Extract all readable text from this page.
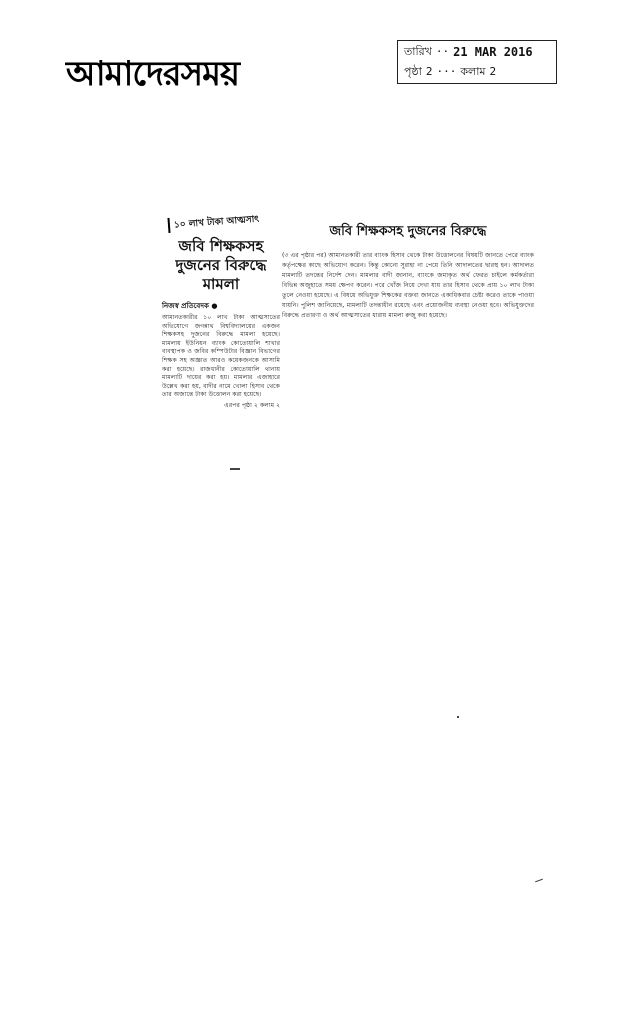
আমাদেরসময়
তারিখ ·· 21 MAR 2016
পৃষ্ঠা 2 ··· কলাম 2
১০ লাখ টাকা আত্মসাৎ
জবি শিক্ষকসহ দুজনের বিরুদ্ধে মামলা
নিজস্ব প্রতিবেদক ●
আমানতকারীর ১০ লাখ টাকা আত্মসাতের অভিযোগে জগন্নাথ বিশ্ববিদ্যালয়ের একজন শিক্ষকসহ দুজনের বিরুদ্ধে মামলা হয়েছে। মামলায় ইউনিয়ন ব্যাংক কোতোয়ালি শাখার ব্যবস্থাপক ও জবির কম্পিউটার বিজ্ঞান বিভাগের শিক্ষক সহ অজ্ঞাত আরও কয়েকজনকে আসামি করা হয়েছে। রাজধানীর কোতোয়ালি থানায় মামলাটি দায়ের করা হয়। মামলার এজাহারে উল্লেখ করা হয়, বাদীর নামে খোলা হিসাব থেকে তার অজান্তে টাকা উত্তোলন করা হয়েছে।
এরপর পৃষ্ঠা ২ কলাম ২
জবি শিক্ষকসহ দুজনের বিরুদ্ধে
(৩ এর পৃষ্ঠার পর) আমানতকারী তার ব্যাংক হিসাব থেকে টাকা উত্তোলনের বিষয়টি জানতে পেরে ব্যাংক কর্তৃপক্ষের কাছে অভিযোগ করেন। কিন্তু কোনো সুরাহা না পেয়ে তিনি আদালতের দ্বারস্থ হন। আদালত মামলাটি তদন্তের নির্দেশ দেন। মামলার বাদী জানান, ব্যাংকে জমাকৃত অর্থ ফেরত চাইলে কর্মকর্তারা বিভিন্ন অজুহাতে সময় ক্ষেপণ করেন। পরে খোঁজ নিয়ে দেখা যায় তার হিসাব থেকে প্রায় ১০ লাখ টাকা তুলে নেওয়া হয়েছে। এ বিষয়ে অভিযুক্ত শিক্ষকের বক্তব্য জানতে একাধিকবার চেষ্টা করেও তাকে পাওয়া যায়নি। পুলিশ জানিয়েছে, মামলাটি তদন্তাধীন রয়েছে এবং প্রয়োজনীয় ব্যবস্থা নেওয়া হবে। অভিযুক্তদের বিরুদ্ধে প্রতারণা ও অর্থ আত্মসাতের ধারায় মামলা রুজু করা হয়েছে।
